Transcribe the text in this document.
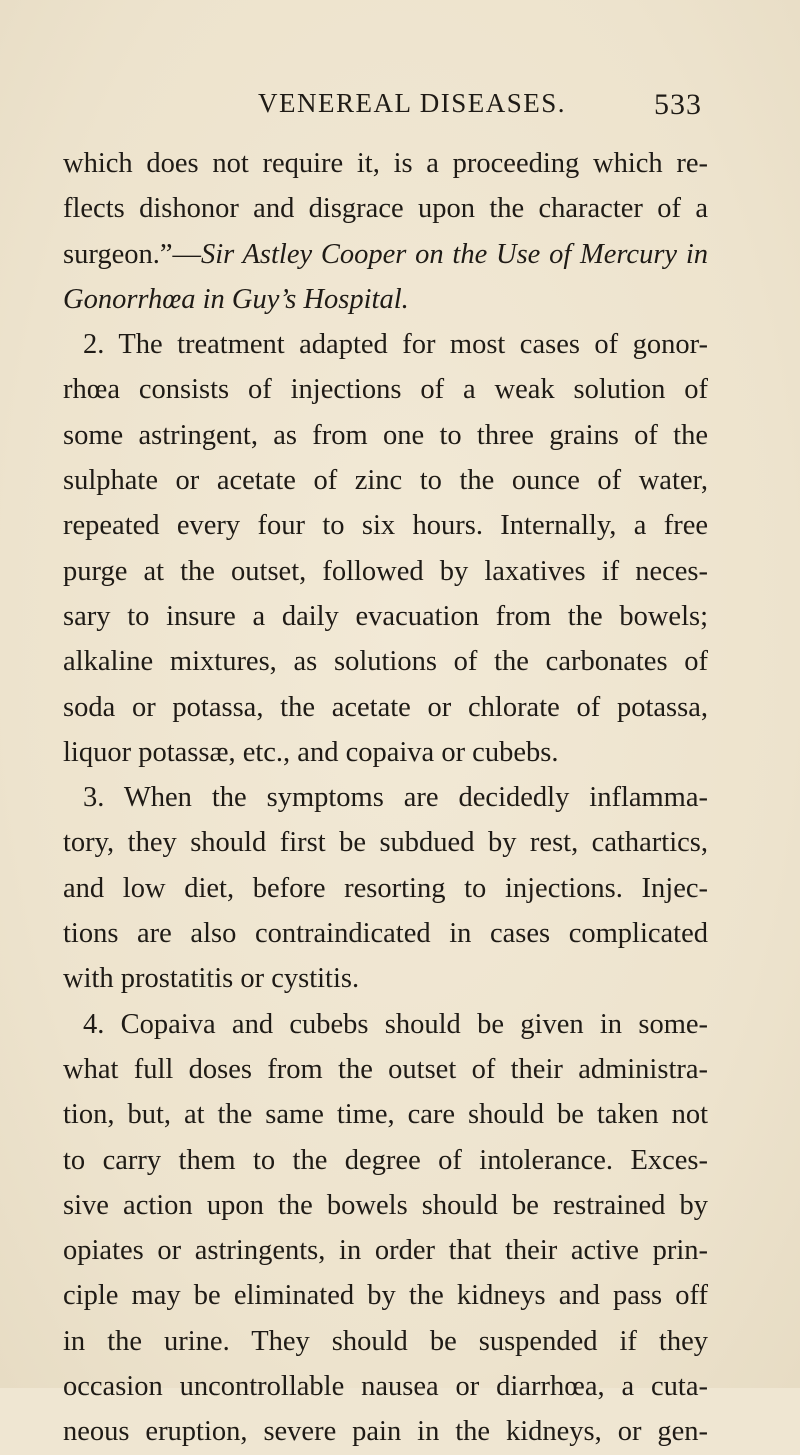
VENEREAL DISEASES.	533
which does not require it, is a proceeding which re-
flects dishonor and disgrace upon the character of a
surgeon.”—Sir Astley Cooper on the Use of Mercury in
Gonorrhœa in Guy’s Hospital.
2. The treatment adapted for most cases of gonor-
rhœa consists of injections of a weak solution of
some astringent, as from one to three grains of the
sulphate or acetate of zinc to the ounce of water,
repeated every four to six hours. Internally, a free
purge at the outset, followed by laxatives if neces-
sary to insure a daily evacuation from the bowels;
alkaline mixtures, as solutions of the carbonates of
soda or potassa, the acetate or chlorate of potassa,
liquor potassæ, etc., and copaiva or cubebs.
3. When the symptoms are decidedly inflamma-
tory, they should first be subdued by rest, cathartics,
and low diet, before resorting to injections. Injec-
tions are also contraindicated in cases complicated
with prostatitis or cystitis.
4. Copaiva and cubebs should be given in some-
what full doses from the outset of their administra-
tion, but, at the same time, care should be taken not
to carry them to the degree of intolerance. Exces-
sive action upon the bowels should be restrained by
opiates or astringents, in order that their active prin-
ciple may be eliminated by the kidneys and pass off
in the urine. They should be suspended if they
occasion uncontrollable nausea or diarrhœa, a cuta-
neous eruption, severe pain in the kidneys, or gen-
